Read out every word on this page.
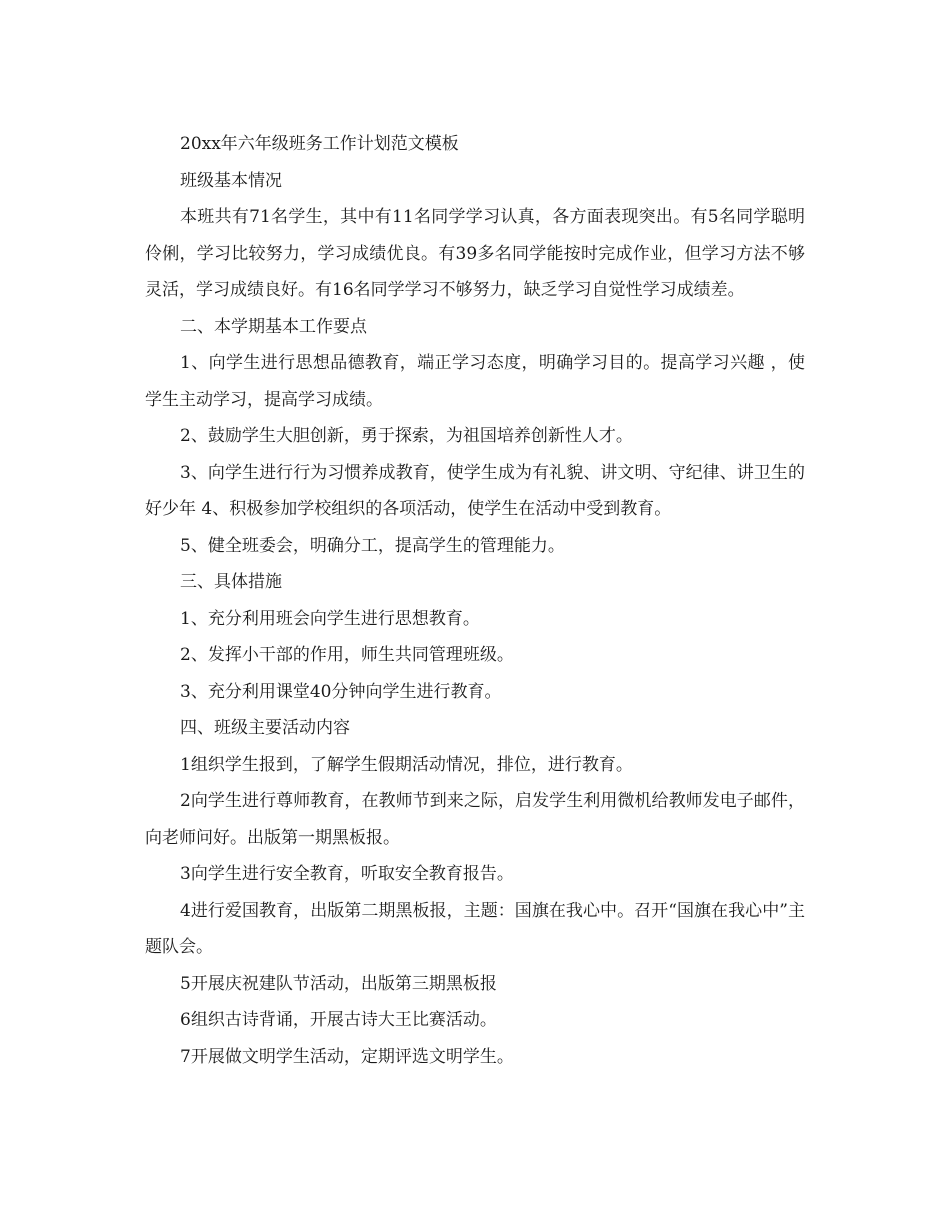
20xx年六年级班务工作计划范文模板

班级基本情况

本班共有71名学生，其中有11名同学学习认真，各方面表现突出。有5名同学聪明伶俐，学习比较努力，学习成绩优良。有39多名同学能按时完成作业，但学习方法不够灵活，学习成绩良好。有16名同学学习不够努力，缺乏学习自觉性学习成绩差。

二、本学期基本工作要点

1、向学生进行思想品德教育，端正学习态度，明确学习目的。提高学习兴趣 ，使学生主动学习，提高学习成绩。

2、鼓励学生大胆创新，勇于探索，为祖国培养创新性人才。

3、向学生进行行为习惯养成教育，使学生成为有礼貌、讲文明、守纪律、讲卫生的好少年 4、积极参加学校组织的各项活动，使学生在活动中受到教育。

5、健全班委会，明确分工，提高学生的管理能力。

三、具体措施

1、充分利用班会向学生进行思想教育。

2、发挥小干部的作用，师生共同管理班级。

3、充分利用课堂40分钟向学生进行教育。

四、班级主要活动内容

1组织学生报到，了解学生假期活动情况，排位，进行教育。

2向学生进行尊师教育，在教师节到来之际，启发学生利用微机给教师发电子邮件，向老师问好。出版第一期黑板报。

3向学生进行安全教育，听取安全教育报告。

4进行爱国教育，出版第二期黑板报，主题：国旗在我心中。召开“国旗在我心中”主题队会。

5开展庆祝建队节活动，出版第三期黑板报

6组织古诗背诵，开展古诗大王比赛活动。

7开展做文明学生活动，定期评选文明学生。
